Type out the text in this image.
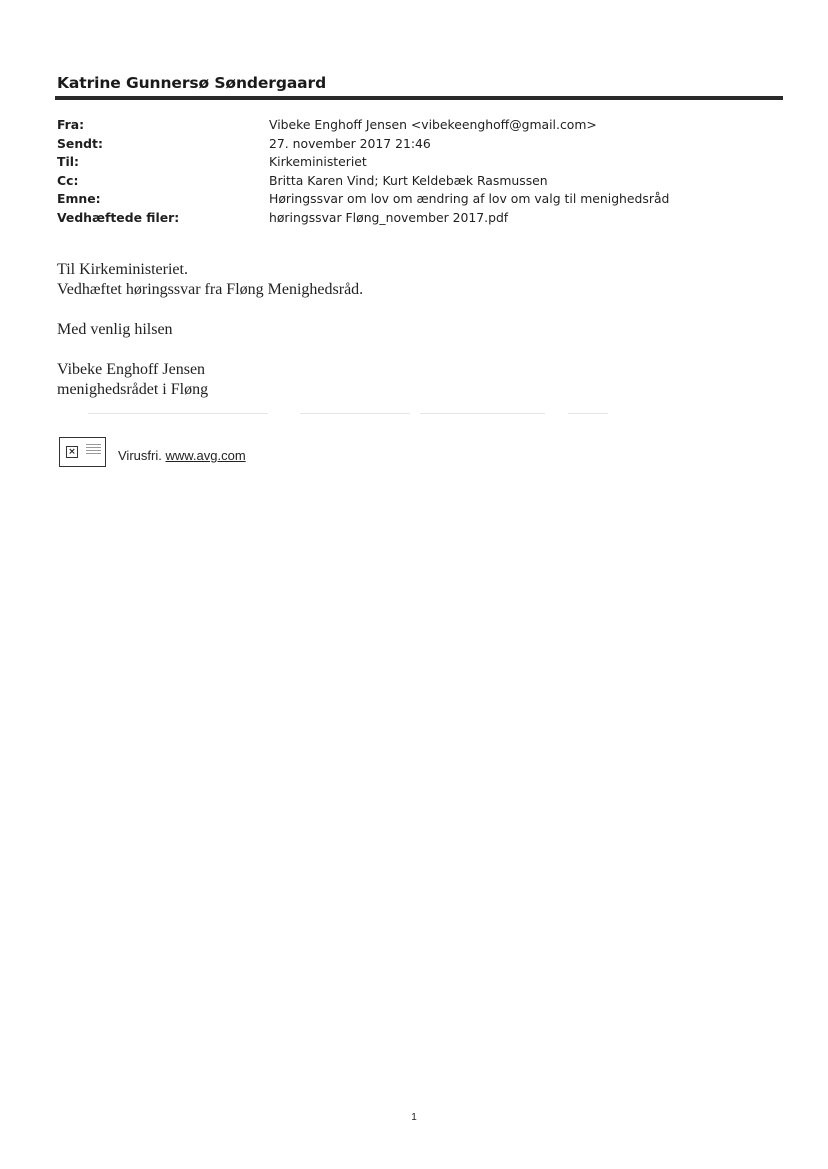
Katrine Gunnersø Søndergaard
Fra:	Vibeke Enghoff Jensen <vibekeenghoff@gmail.com>
Sendt:	27. november 2017 21:46
Til:	Kirkeministeriet
Cc:	Britta Karen Vind; Kurt Keldebæk Rasmussen
Emne:	Høringssvar om lov om ændring af lov om valg til menighedsråd
Vedhæftede filer:	høringssvar Fløng_november 2017.pdf

Til Kirkeministeriet.

Vedhæftet høringssvar fra Fløng Menighedsråd.

Med venlig hilsen

Vibeke Enghoff Jensen

menighedsrådet i Fløng

×	Virusfri. www.avg.com
1
